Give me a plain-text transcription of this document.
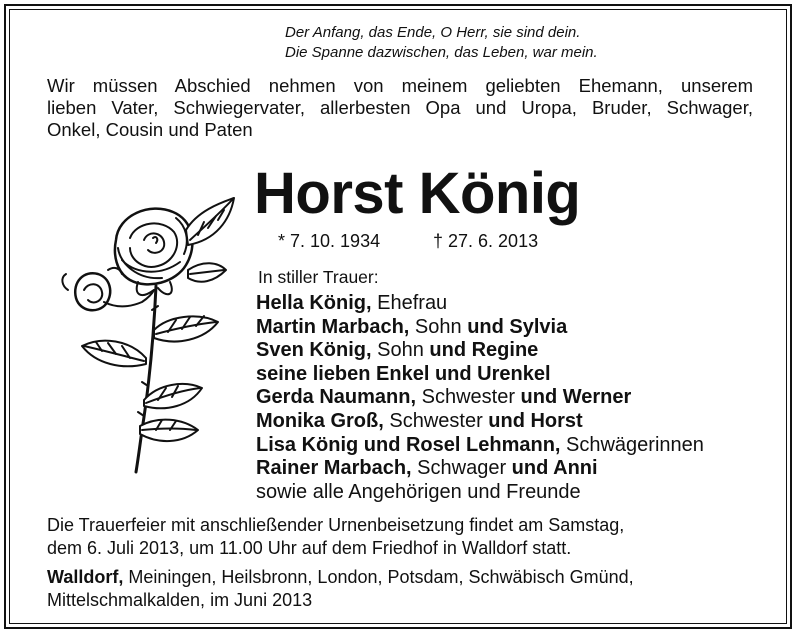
Der Anfang, das Ende, O Herr, sie sind dein.
Die Spanne dazwischen, das Leben, war mein.
Wir müssen Abschied nehmen von meinem geliebten Ehemann, unserem
lieben Vater, Schwiegervater, allerbesten Opa und Uropa, Bruder, Schwager,
Onkel, Cousin und Paten
Horst König
* 7. 10. 1934	† 27. 6. 2013
In stiller Trauer:
Hella König, Ehefrau
Martin Marbach, Sohn und Sylvia
Sven König, Sohn und Regine
seine lieben Enkel und Urenkel
Gerda Naumann, Schwester und Werner
Monika Groß, Schwester und Horst
Lisa König und Rosel Lehmann, Schwägerinnen
Rainer Marbach, Schwager und Anni
sowie alle Angehörigen und Freunde
Die Trauerfeier mit anschließender Urnenbeisetzung findet am Samstag,
dem 6. Juli 2013, um 11.00 Uhr auf dem Friedhof in Walldorf statt.
Walldorf, Meiningen, Heilsbronn, London, Potsdam, Schwäbisch Gmünd,
Mittelschmalkalden, im Juni 2013
